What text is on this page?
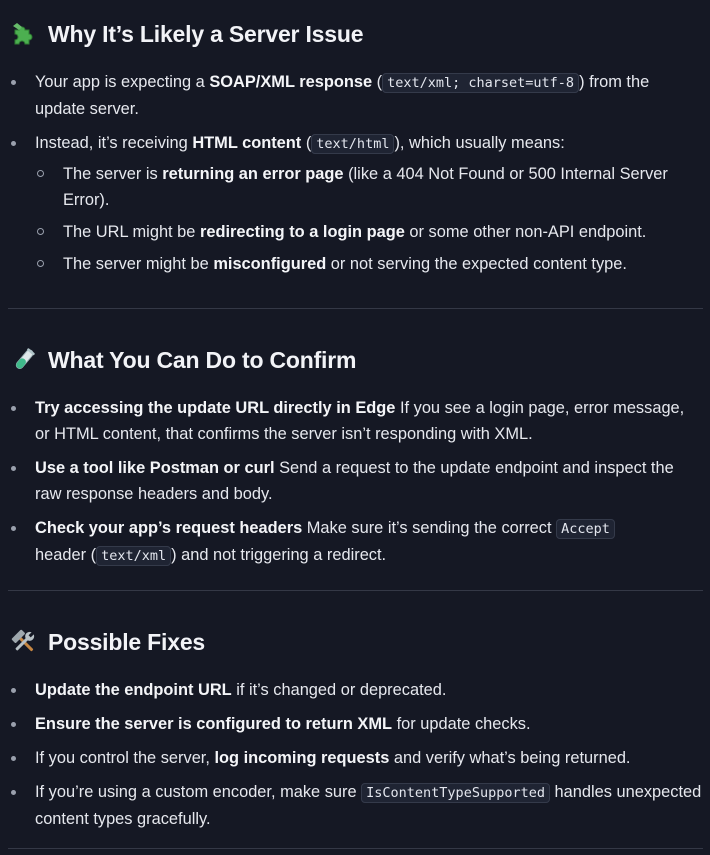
Why It’s Likely a Server Issue
Your app is expecting a SOAP/XML response ( text/xml; charset=utf-8 ) from the update server.
Instead, it’s receiving HTML content ( text/html ), which usually means:
The server is returning an error page (like a 404 Not Found or 500 Internal Server Error).
The URL might be redirecting to a login page or some other non-API endpoint.
The server might be misconfigured or not serving the expected content type.
What You Can Do to Confirm
Try accessing the update URL directly in Edge If you see a login page, error message, or HTML content, that confirms the server isn’t responding with XML.
Use a tool like Postman or curl Send a request to the update endpoint and inspect the raw response headers and body.
Check your app’s request headers Make sure it’s sending the correct Accept
header ( text/xml ) and not triggering a redirect.
Possible Fixes
Update the endpoint URL if it’s changed or deprecated.
Ensure the server is configured to return XML for update checks.
If you control the server, log incoming requests and verify what’s being returned.
If you’re using a custom encoder, make sure IsContentTypeSupported handles unexpected content types gracefully.
